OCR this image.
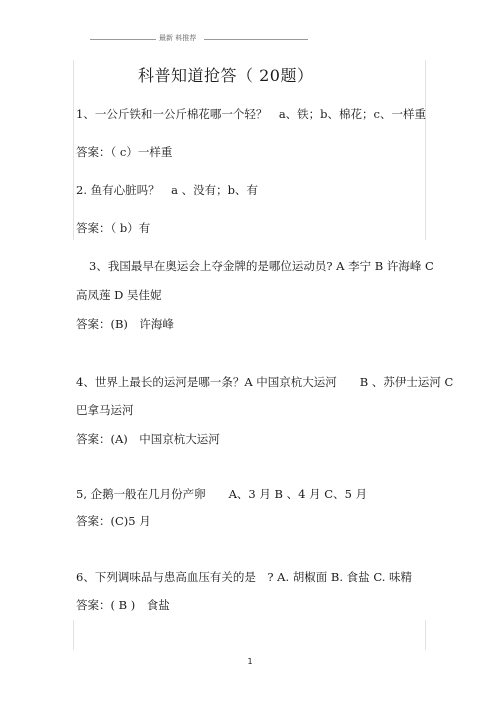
最新 料推荐
科普知道抢答（ 20题）
1、一公斤铁和一公斤棉花哪一个轻？　a、铁；b、棉花；c、一样重
答案：（ c）一样重
2. 鱼有心脏吗？　a 、没有；b、有
答案：（ b）有
3、我国最早在奥运会上夺金牌的是哪位运动员? A 李宁 B 许海峰 C
高凤莲 D 吴佳妮
答案：(B)　许海峰
4、世界上最长的运河是哪一条？A 中国京杭大运河　　B 、苏伊士运河 C
巴拿马运河
答案：(A)　中国京杭大运河
5, 企鹅一般在几月份产卵　　A、3 月 B 、4 月 C、5 月
答案：(C)5 月
6、下列调味品与患高血压有关的是　? A. 胡椒面 B. 食盐 C. 味精
答案：( B )　食盐
1
